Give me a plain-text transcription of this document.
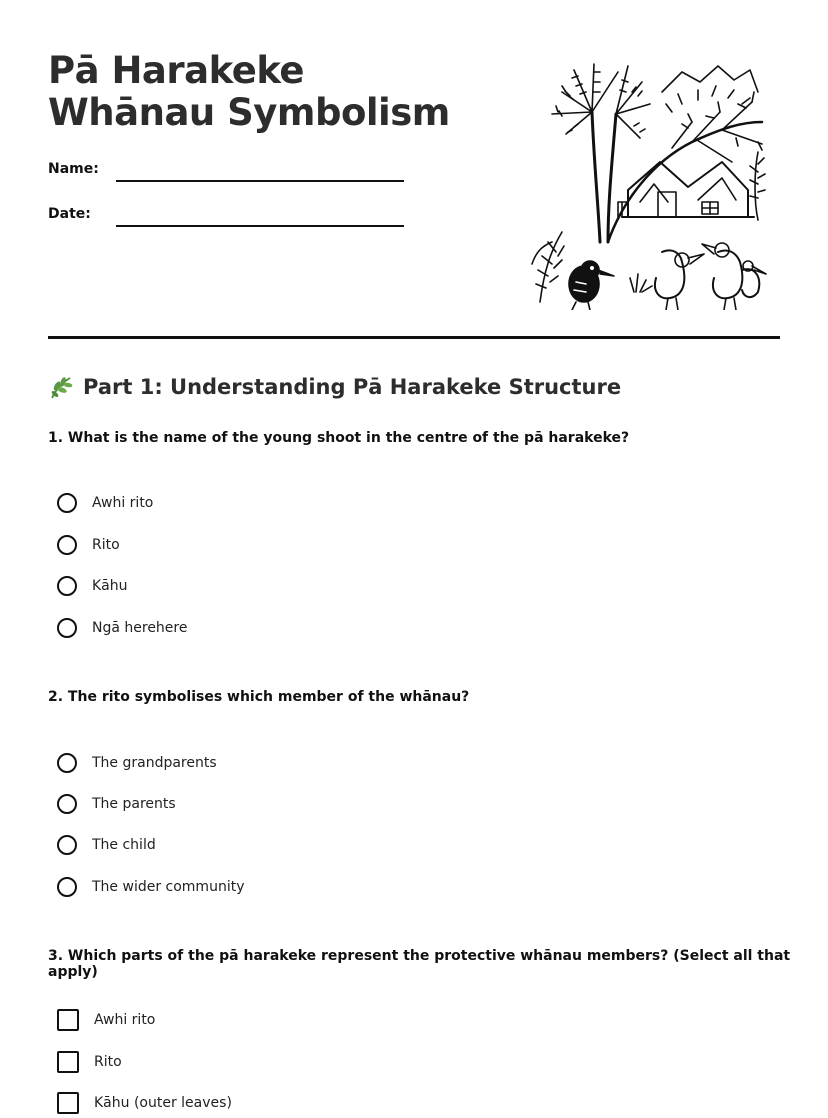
Pā Harakeke Whānau Symbolism
Name:
Date:
Part 1: Understanding Pā Harakeke Structure

1. What is the name of the young shoot in the centre of the pā harakeke?

Awhi rito
Rito
Kāhu
Ngā herehere

2. The rito symbolises which member of the whānau?

The grandparents
The parents
The child
The wider community

3. Which parts of the pā harakeke represent the protective whānau members? (Select all that apply)

Awhi rito
Rito
Kāhu (outer leaves)
